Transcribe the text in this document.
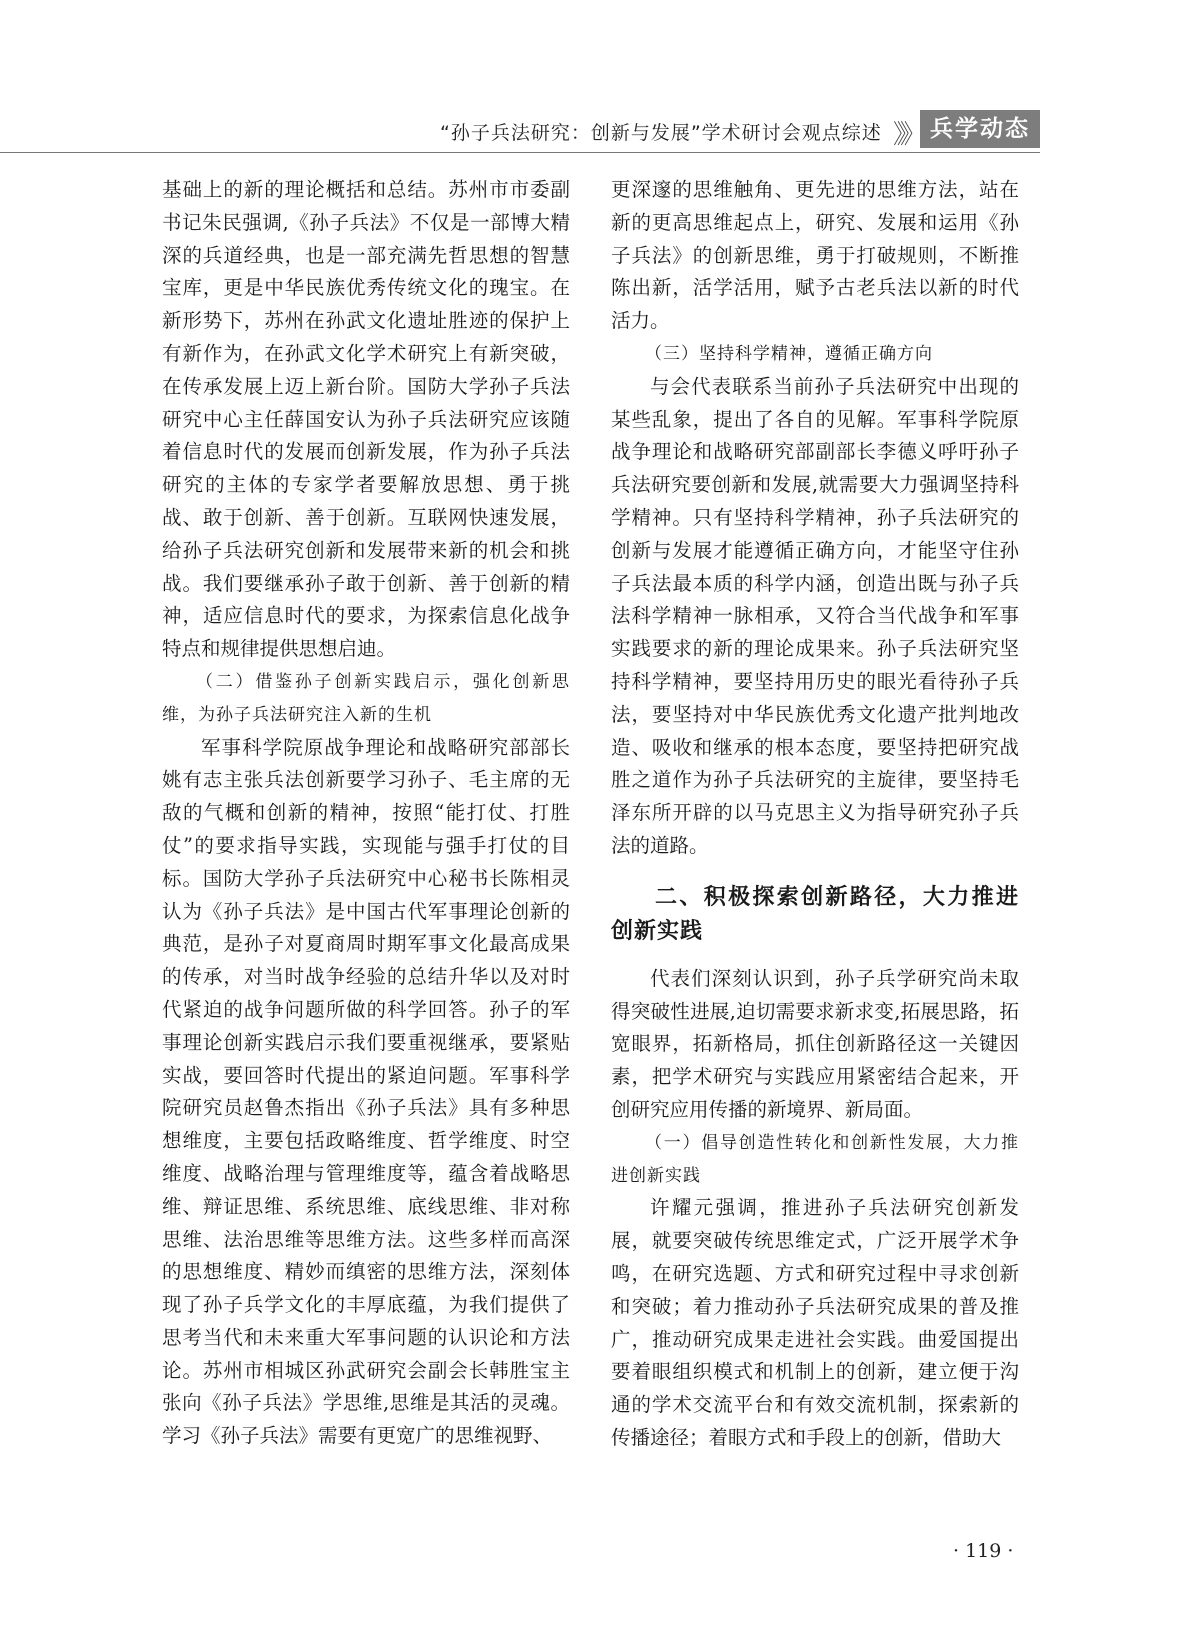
“孙子兵法研究：创新与发展”学术研讨会观点综述 》》 兵学动态

基础上的新的理论概括和总结。苏州市市委副书记朱民强调,《孙子兵法》不仅是一部博大精深的兵道经典，也是一部充满先哲思想的智慧宝库，更是中华民族优秀传统文化的瑰宝。在新形势下，苏州在孙武文化遗址胜迹的保护上有新作为，在孙武文化学术研究上有新突破，在传承发展上迈上新台阶。国防大学孙子兵法研究中心主任薛国安认为孙子兵法研究应该随着信息时代的发展而创新发展，作为孙子兵法研究的主体的专家学者要解放思想、勇于挑战、敢于创新、善于创新。互联网快速发展，给孙子兵法研究创新和发展带来新的机会和挑战。我们要继承孙子敢于创新、善于创新的精神，适应信息时代的要求，为探索信息化战争特点和规律提供思想启迪。

（二）借鉴孙子创新实践启示，强化创新思维，为孙子兵法研究注入新的生机

军事科学院原战争理论和战略研究部部长姚有志主张兵法创新要学习孙子、毛主席的无敌的气概和创新的精神，按照“能打仗、打胜仗”的要求指导实践，实现能与强手打仗的目标。国防大学孙子兵法研究中心秘书长陈相灵认为《孙子兵法》是中国古代军事理论创新的典范，是孙子对夏商周时期军事文化最高成果的传承，对当时战争经验的总结升华以及对时代紧迫的战争问题所做的科学回答。孙子的军事理论创新实践启示我们要重视继承，要紧贴实战，要回答时代提出的紧迫问题。军事科学院研究员赵鲁杰指出《孙子兵法》具有多种思想维度，主要包括政略维度、哲学维度、时空维度、战略治理与管理维度等，蕴含着战略思维、辩证思维、系统思维、底线思维、非对称思维、法治思维等思维方法。这些多样而高深的思想维度、精妙而缜密的思维方法，深刻体现了孙子兵学文化的丰厚底蕴，为我们提供了思考当代和未来重大军事问题的认识论和方法论。苏州市相城区孙武研究会副会长韩胜宝主张向《孙子兵法》学思维,思维是其活的灵魂。学习《孙子兵法》需要有更宽广的思维视野、

更深邃的思维触角、更先进的思维方法，站在新的更高思维起点上，研究、发展和运用《孙子兵法》的创新思维，勇于打破规则，不断推陈出新，活学活用，赋予古老兵法以新的时代活力。

（三）坚持科学精神，遵循正确方向

与会代表联系当前孙子兵法研究中出现的某些乱象，提出了各自的见解。军事科学院原战争理论和战略研究部副部长李德义呼吁孙子兵法研究要创新和发展,就需要大力强调坚持科学精神。只有坚持科学精神，孙子兵法研究的创新与发展才能遵循正确方向，才能坚守住孙子兵法最本质的科学内涵，创造出既与孙子兵法科学精神一脉相承，又符合当代战争和军事实践要求的新的理论成果来。孙子兵法研究坚持科学精神，要坚持用历史的眼光看待孙子兵法，要坚持对中华民族优秀文化遗产批判地改造、吸收和继承的根本态度，要坚持把研究战胜之道作为孙子兵法研究的主旋律，要坚持毛泽东所开辟的以马克思主义为指导研究孙子兵法的道路。

二、积极探索创新路径，大力推进创新实践

代表们深刻认识到，孙子兵学研究尚未取得突破性进展,迫切需要求新求变,拓展思路，拓宽眼界，拓新格局，抓住创新路径这一关键因素，把学术研究与实践应用紧密结合起来，开创研究应用传播的新境界、新局面。

（一）倡导创造性转化和创新性发展，大力推进创新实践

许耀元强调，推进孙子兵法研究创新发展，就要突破传统思维定式，广泛开展学术争鸣，在研究选题、方式和研究过程中寻求创新和突破；着力推动孙子兵法研究成果的普及推广，推动研究成果走进社会实践。曲爱国提出要着眼组织模式和机制上的创新，建立便于沟通的学术交流平台和有效交流机制，探索新的传播途径；着眼方式和手段上的创新，借助大

· 119 ·
